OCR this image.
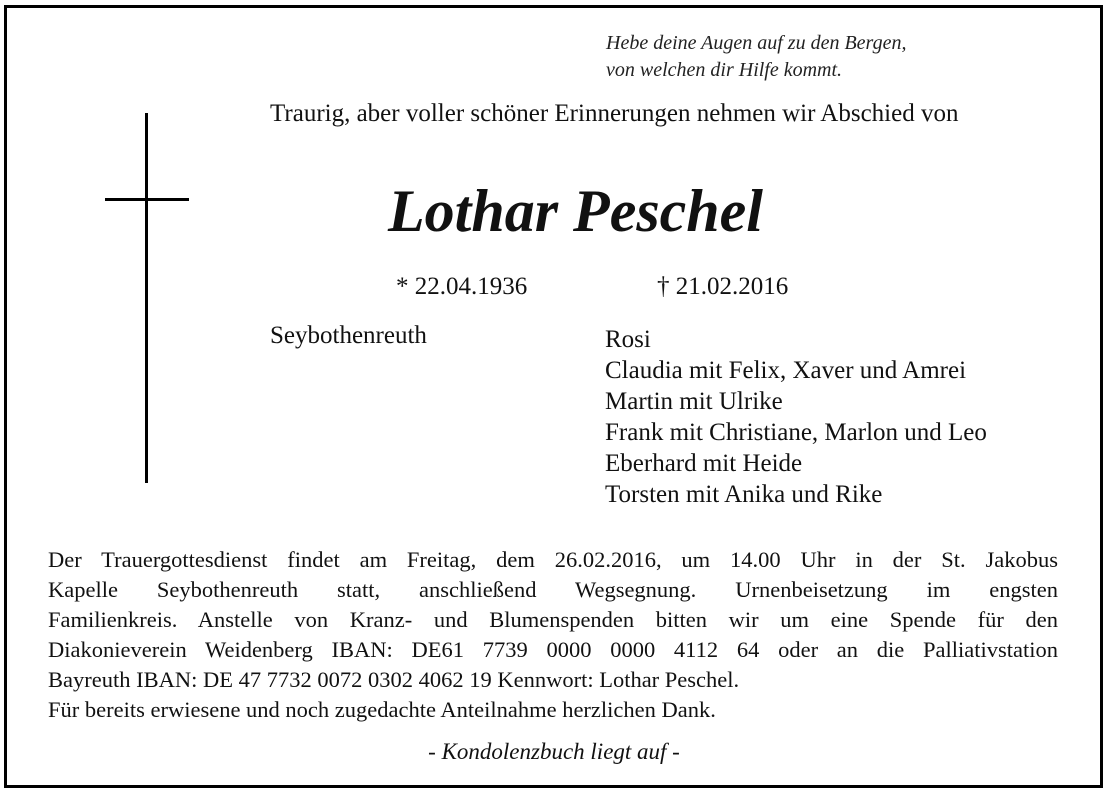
Hebe deine Augen auf zu den Bergen,
von welchen dir Hilfe kommt.
Traurig, aber voller schöner Erinnerungen nehmen wir Abschied von
Lothar Peschel
* 22.04.1936	† 21.02.2016
Seybothenreuth	Rosi
Claudia mit Felix, Xaver und Amrei
Martin mit Ulrike
Frank mit Christiane, Marlon und Leo
Eberhard mit Heide
Torsten mit Anika und Rike
Der Trauergottesdienst findet am Freitag, dem 26.02.2016, um 14.00 Uhr in der St. Jakobus
Kapelle Seybothenreuth statt, anschließend Wegsegnung. Urnenbeisetzung im engsten
Familienkreis. Anstelle von Kranz- und Blumenspenden bitten wir um eine Spende für den
Diakonieverein Weidenberg IBAN: DE61 7739 0000 0000 4112 64 oder an die Palliativstation
Bayreuth IBAN: DE 47 7732 0072 0302 4062 19 Kennwort: Lothar Peschel.
Für bereits erwiesene und noch zugedachte Anteilnahme herzlichen Dank.
- Kondolenzbuch liegt auf -
